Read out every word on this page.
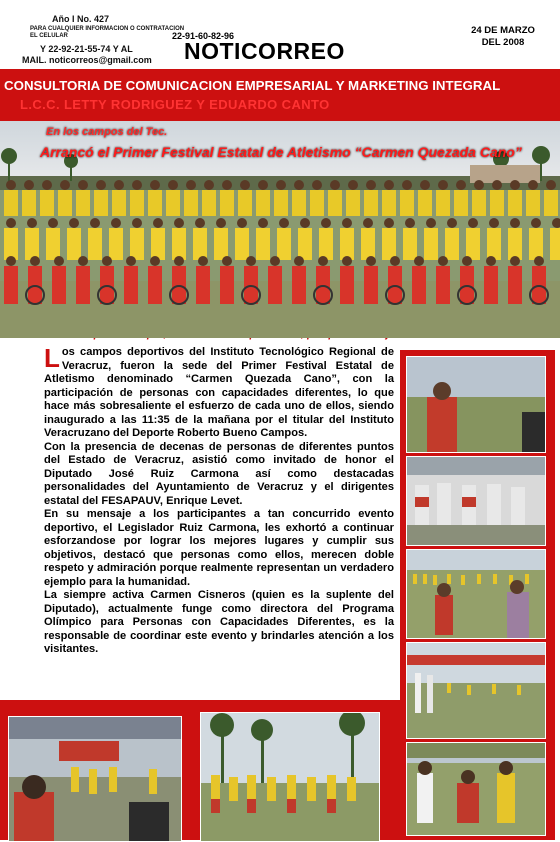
Año I No. 427
PARA CUALQUIER INFORMACION O CONTRATACION EL CELULAR	22-91-60-82-96
Y 22-92-21-55-74 Y AL
MAIL. noticorreos@gmail.com NOTICORREO
24 DE MARZO
DEL 2008
CONSULTORIA DE COMUNICACION EMPRESARIAL Y MARKETING INTEGRAL
L.C.C. LETTY RODRIGUEZ Y EDUARDO CANTO
En los campos del Tec.
Arrancó el Primer Festival Estatal de Atletismo “Carmen Quezada Cano”

Los campos deportivos del Instituto Tecnológico Regional de Veracruz, fueron la sede del Primer Festival Estatal de Atletismo denominado “Carmen Quezada Cano”, con la participación de personas con capacidades diferentes, lo que hace más sobresaliente el esfuerzo de cada uno de ellos, siendo inaugurado a las 11:35 de la mañana por el titular del Instituto Veracruzano del Deporte Roberto Bueno Campos.

Con la presencia de decenas de personas de diferentes puntos del Estado de Veracruz, asistió como invitado de honor el Diputado José Ruiz Carmona así como destacadas personalidades del Ayuntamiento de Veracruz y el dirigentes estatal del FESAPAUV, Enrique Levet.

En su mensaje a los participantes a tan concurrido evento deportivo, el Legislador Ruiz Carmona, les exhortó a continuar esforzandose por lograr los mejores lugares y cumplir sus objetivos, destacó que personas como ellos, merecen doble respeto y admiración porque realmente representan un verdadero ejemplo para la humanidad.

La siempre activa Carmen Cisneros (quien es la suplente del Diputado), actualmente funge como directora del Programa Olímpico para Personas con Capacidades Diferentes, es la responsable de coordinar este evento y brindarles atención a los visitantes.
